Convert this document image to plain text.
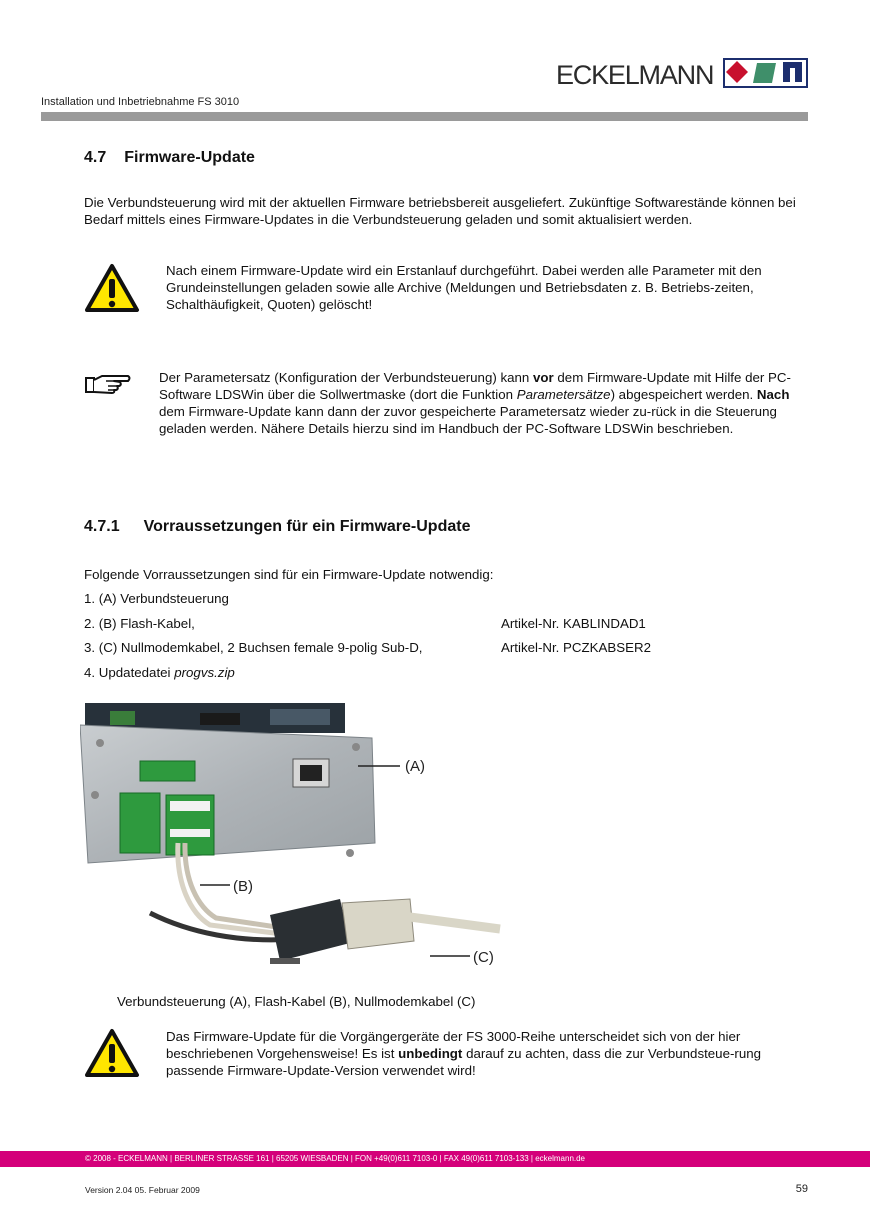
ECKELMANN
Installation und Inbetriebnahme FS 3010
4.7 Firmware-Update

Die Verbundsteuerung wird mit der aktuellen Firmware betriebsbereit ausgeliefert. Zukünftige Softwarestände können bei Bedarf mittels eines Firmware-Updates in die Verbundsteuerung geladen und somit aktualisiert werden.

Nach einem Firmware-Update wird ein Erstanlauf durchgeführt. Dabei werden alle Parameter mit den Grundeinstellungen geladen sowie alle Archive (Meldungen und Betriebsdaten z. B. Betriebs-zeiten, Schalthäufigkeit, Quoten) gelöscht!

Der Parametersatz (Konfiguration der Verbundsteuerung) kann vor dem Firmware-Update mit Hilfe der PC-Software LDSWin über die Sollwertmaske (dort die Funktion Parametersätze) abgespeichert werden. Nach dem Firmware-Update kann dann der zuvor gespeicherte Parametersatz wieder zu-rück in die Steuerung geladen werden. Nähere Details hierzu sind im Handbuch der PC-Software LDSWin beschrieben.

4.7.1 Vorraussetzungen für ein Firmware-Update
Folgende Vorraussetzungen sind für ein Firmware-Update notwendig:
1. (A) Verbundsteuerung
2. (B) Flash-Kabel,	Artikel-Nr. KABLINDAD1
3. (C) Nullmodemkabel, 2 Buchsen female 9-polig Sub-D,	Artikel-Nr. PCZKABSER2
4. Updatedatei progvs.zip
(A)
(B)
(C)
Verbundsteuerung (A), Flash-Kabel (B), Nullmodemkabel (C)

Das Firmware-Update für die Vorgängergeräte der FS 3000-Reihe unterscheidet sich von der hier beschriebenen Vorgehensweise! Es ist unbedingt darauf zu achten, dass die zur Verbundsteue-rung passende Firmware-Update-Version verwendet wird!

© 2008 - ECKELMANN | BERLINER STRASSE 161 | 65205 WIESBADEN | FON +49(0)611 7103-0 | FAX 49(0)611 7103-133 | eckelmann.de
Version 2.04 05. Februar 2009	59
